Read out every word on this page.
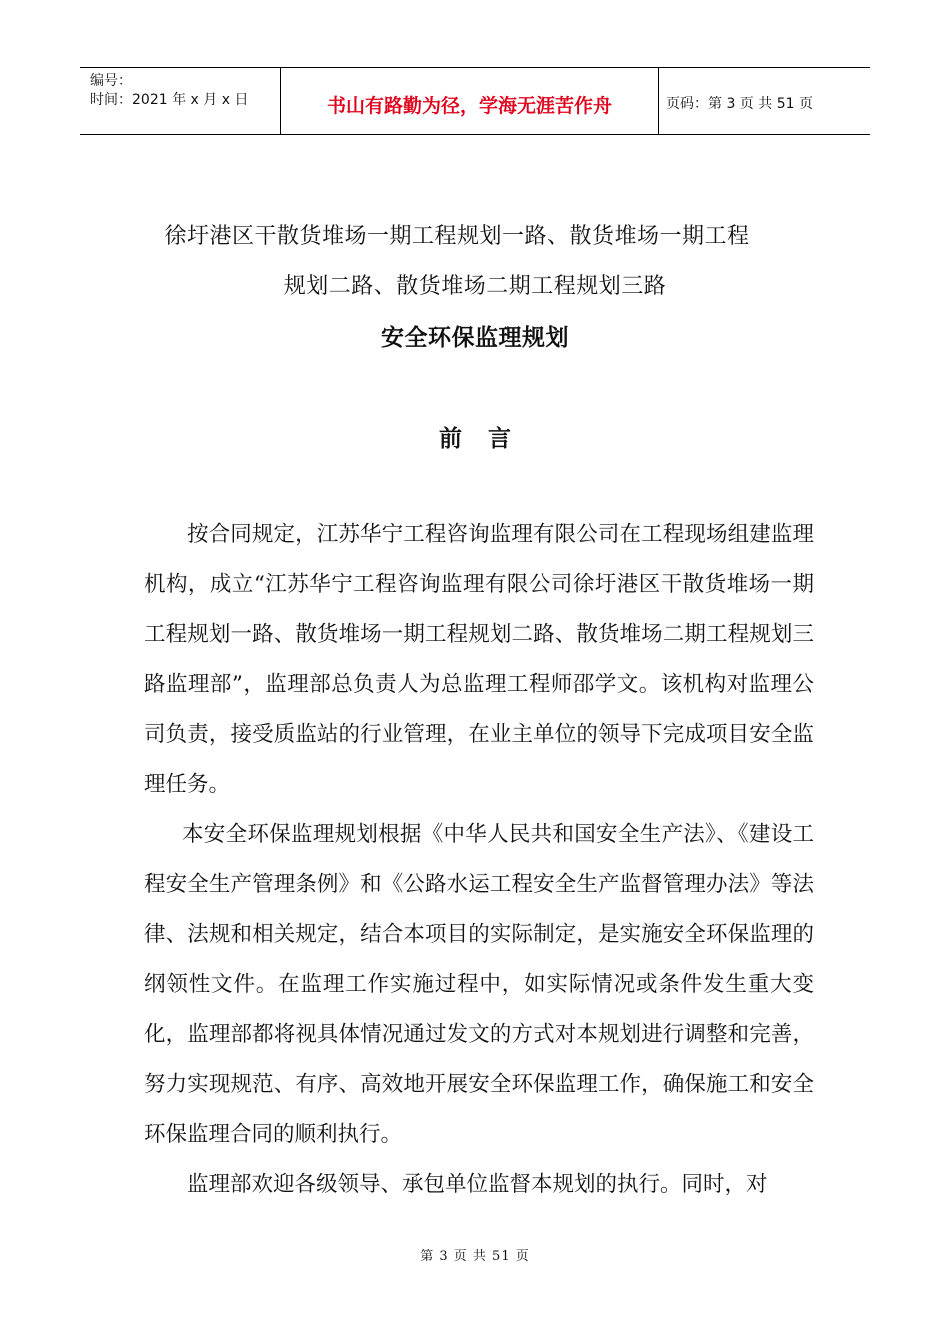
编号：
时间：2021 年 x 月 x 日	书山有路勤为径，学海无涯苦作舟	页码：第 3 页 共 51 页
徐圩港区干散货堆场一期工程规划一路、散货堆场一期工程
规划二路、散货堆场二期工程规划三路
安全环保监理规划
前言

按合同规定，江苏华宁工程咨询监理有限公司在工程现场组建监理机构，成立“江苏华宁工程咨询监理有限公司徐圩港区干散货堆场一期工程规划一路、散货堆场一期工程规划二路、散货堆场二期工程规划三路监理部”，监理部总负责人为总监理工程师邵学文。该机构对监理公司负责，接受质监站的行业管理，在业主单位的领导下完成项目安全监理任务。

本安全环保监理规划根据《中华人民共和国安全生产法》、《建设工程安全生产管理条例》和《公路水运工程安全生产监督管理办法》等法律、法规和相关规定，结合本项目的实际制定，是实施安全环保监理的纲领性文件。在监理工作实施过程中，如实际情况或条件发生重大变化，监理部都将视具体情况通过发文的方式对本规划进行调整和完善，努力实现规范、有序、高效地开展安全环保监理工作，确保施工和安全环保监理合同的顺利执行。

监理部欢迎各级领导、承包单位监督本规划的执行。同时，对

第 3 页 共 51 页
